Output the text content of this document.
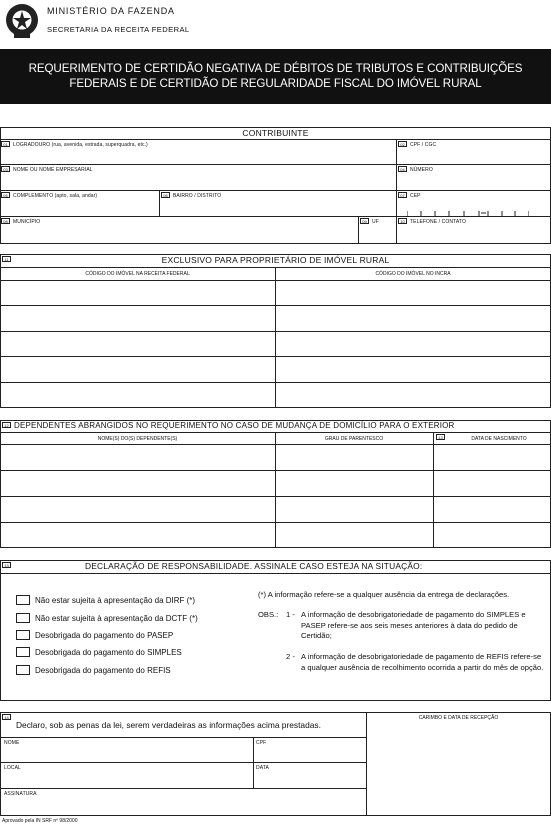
MINISTÉRIO DA FAZENDA
SECRETARIA DA RECEITA FEDERAL
REQUERIMENTO DE CERTIDÃO NEGATIVA DE DÉBITOS DE TRIBUTOS E CONTRIBUIÇÕES
FEDERAIS E DE CERTIDÃO DE REGULARIDADE FISCAL DO IMÓVEL RURAL
CONTRIBUINTE
01	LOGRADOURO (rua, avenida, estrada, superquadra, etc.)	02	CPF / CGC
03	NOME OU NOME EMPRESARIAL	04	NÚMERO
05	COMPLEMENTO (apto, sala, andar)	06	BAIRRO / DISTRITO	07	CEP
08	MUNICÍPIO	09	UF	10	TELEFONE / CONTATO
11	EXCLUSIVO PARA PROPRIETÁRIO DE IMÓVEL RURAL
CÓDIGO DO IMÓVEL NA RECEITA FEDERAL	CÓDIGO DO IMÓVEL NO INCRA
12 DEPENDENTES ABRANGIDOS NO REQUERIMENTO NO CASO DE MUDANÇA DE DOMICÍLIO PARA O EXTERIOR
NOME(S) DO(S) DEPENDENTE(S)	GRAU DE PARENTESCO	13	DATA DE NASCIMENTO
13	DECLARAÇÃO DE RESPONSABILIDADE. ASSINALE CASO ESTEJA NA SITUAÇÃO:
Não estar sujeita à apresentação da DIRF (*)
Não estar sujeita à apresentação da DCTF (*)
Desobrigada do pagamento do PASEP
Desobrigada do pagamento do SIMPLES
Desobrigada do pagamento do REFIS
(*) A informação refere-se a qualquer ausência da entrega de declarações.
OBS.: 1 - A informação de desobrigatoriedade de pagamento do SIMPLES e PASEP refere-se aos seis meses anteriores à data do pedido de Certidão;
2 - A informação de desobrigatoriedade de pagamento de REFIS refere-se a qualquer ausência de recolhimento ocorrida a partir do mês de opção.
14
Declaro, sob as penas da lei, serem verdadeiras as informações acima prestadas.
NOME	CPF
LOCAL	DATA
ASSINATURA
CARIMBO E DATA DE RECEPÇÃO
Aprovado pela IN SRF nº 98/2000
